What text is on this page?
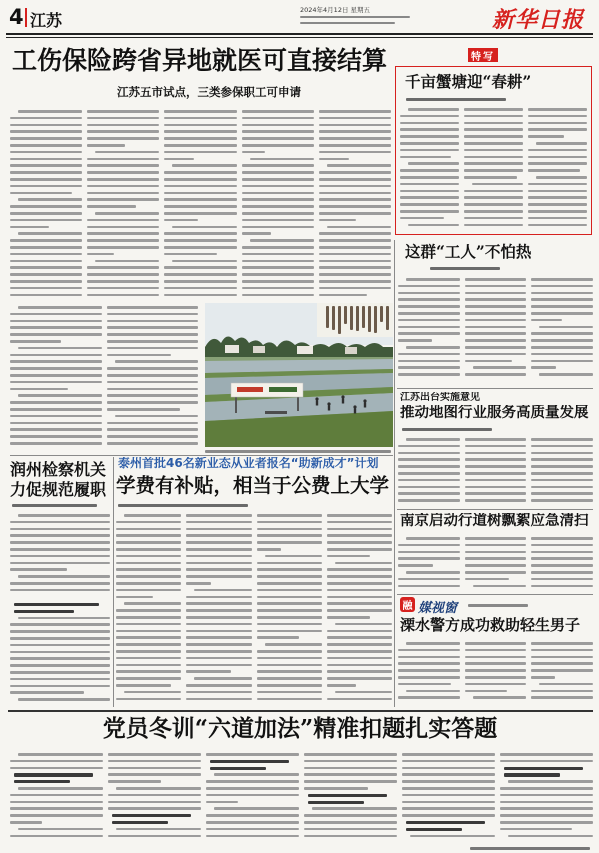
4 江苏
2024年4月12日 星期五	新华日报
工伤保险跨省异地就医可直接结算
江苏五市试点，三类参保职工可申请
特写
千亩蟹塘迎“春耕”
这群“工人”不怕热
江苏出台实施意见
推动地图行业服务高质量发展
南京启动行道树飘絮应急清扫
融 媒视窗
溧水警方成功救助轻生男子
润州检察机关
力促规范履职
泰州首批46名新业态从业者报名“助新成才”计划
学费有补贴，相当于公费上大学
党员冬训“六道加法”精准扣题扎实答题
